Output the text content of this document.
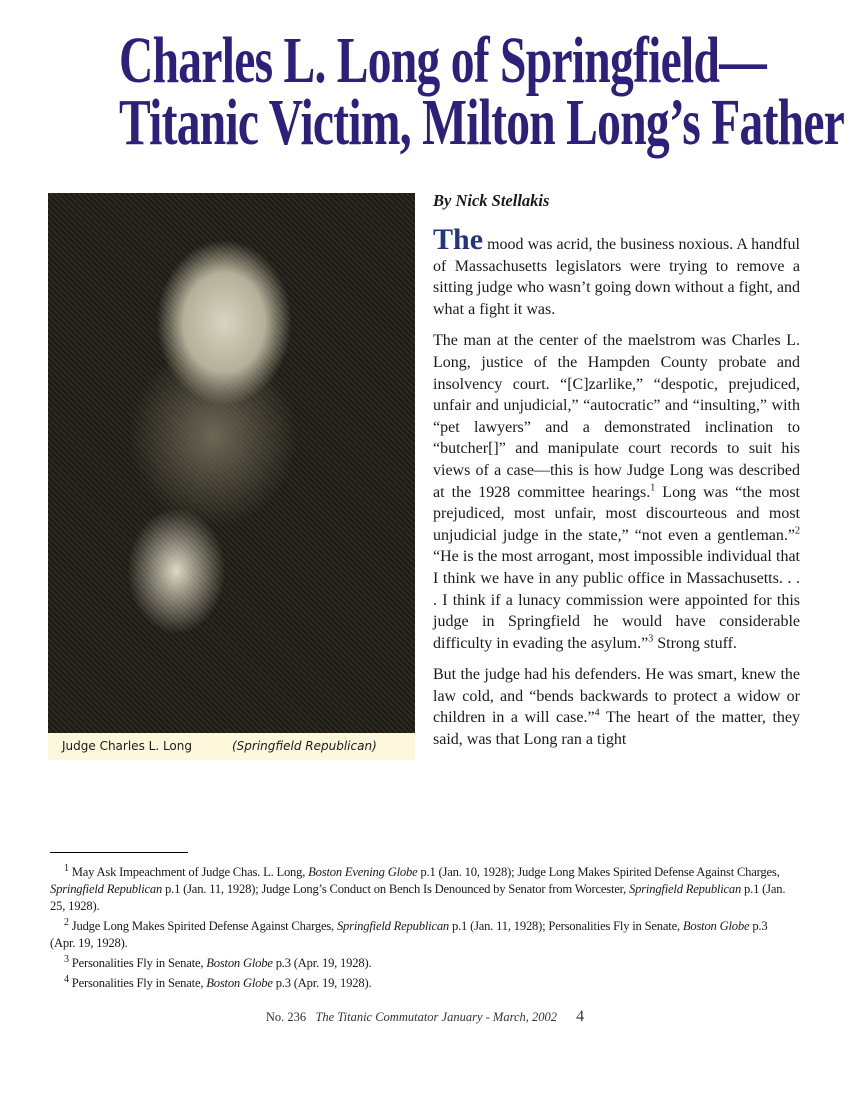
Charles L. Long of Springfield—
Titanic Victim, Milton Long’s Father
Judge Charles L. Long	(Springfield Republican)
By Nick Stellakis

The mood was acrid, the business noxious. A handful of Massachusetts legislators were trying to remove a sitting judge who wasn’t going down without a fight, and what a fight it was.

The man at the center of the maelstrom was Charles L. Long, justice of the Hampden County probate and insolvency court. “[C]zarlike,” “despotic, prejudiced, unfair and unjudicial,” “autocratic” and “insulting,” with “pet lawyers” and a demonstrated inclination to “butcher[]” and manipulate court records to suit his views of a case—this is how Judge Long was described at the 1928 committee hearings.$^1$ Long was “the most prejudiced, most unfair, most discourteous and most unjudicial judge in the state,” “not even a gentleman.”$^2$ “He is the most arrogant, most impossible individual that I think we have in any public office in Massachusetts. . . . I think if a lunacy commission were appointed for this judge in Springfield he would have considerable difficulty in evading the asylum.”$^3$ Strong stuff.

But the judge had his defenders. He was smart, knew the law cold, and “bends backwards to protect a widow or children in a will case.”$^4$ The heart of the matter, they said, was that Long ran a tight

$^1$ May Ask Impeachment of Judge Chas. L. Long, Boston Evening Globe p.1 (Jan. 10, 1928); Judge Long Makes Spirited Defense Against Charges, Springfield Republican p.1 (Jan. 11, 1928); Judge Long’s Conduct on Bench Is Denounced by Senator from Worcester, Springfield Republican p.1 (Jan. 25, 1928).
$^2$ Judge Long Makes Spirited Defense Against Charges, Springfield Republican p.1 (Jan. 11, 1928); Personalities Fly in Senate, Boston Globe p.3 (Apr. 19, 1928).
$^3$ Personalities Fly in Senate, Boston Globe p.3 (Apr. 19, 1928).
$^4$ Personalities Fly in Senate, Boston Globe p.3 (Apr. 19, 1928).
No. 236 The Titanic Commutator January - March, 2002 4
